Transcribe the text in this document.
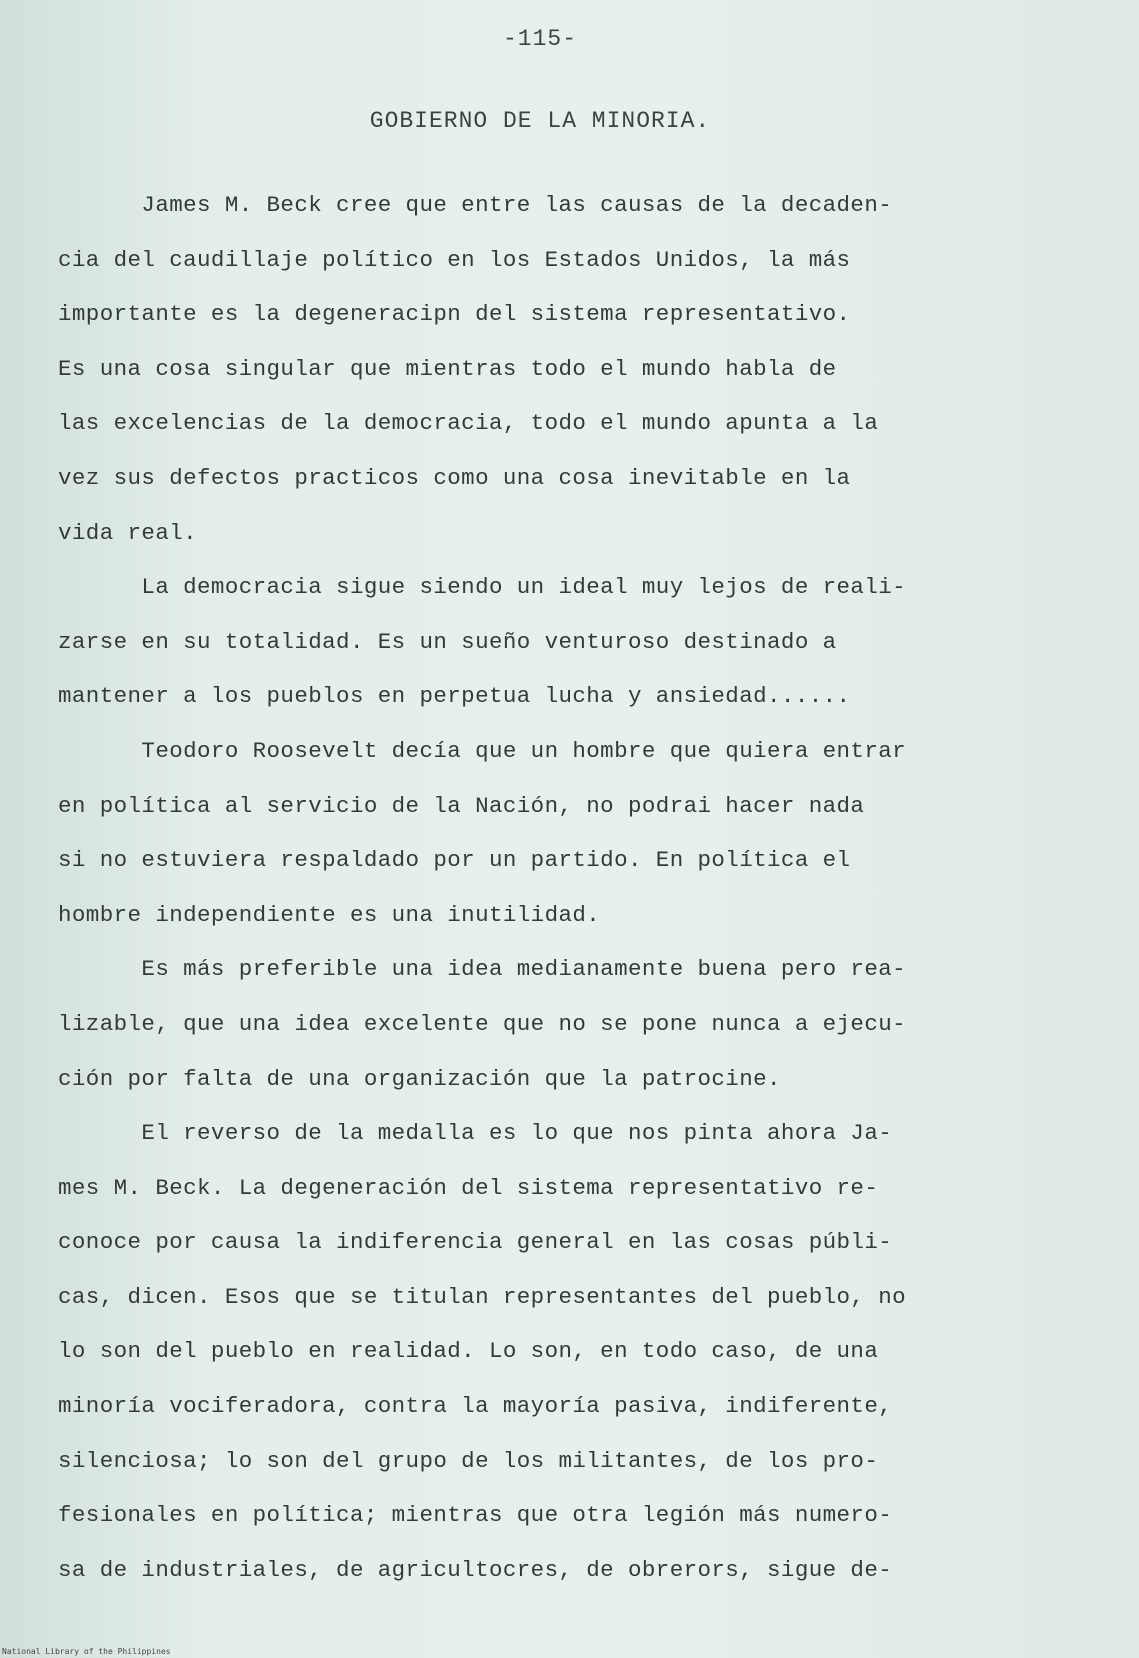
-115-
GOBIERNO DE LA MINORIA.
James M. Beck cree que entre las causas de la decaden-
cia del caudillaje político en los Estados Unidos, la más
importante es la degeneracipn del sistema representativo.
Es una cosa singular que mientras todo el mundo habla de
las excelencias de la democracia, todo el mundo apunta a la
vez sus defectos practicos como una cosa inevitable en la
vida real.
La democracia sigue siendo un ideal muy lejos de reali-
zarse en su totalidad. Es un sueño venturoso destinado a
mantener a los pueblos en perpetua lucha y ansiedad......
Teodoro Roosevelt decía que un hombre que quiera entrar
en política al servicio de la Nación, no podrai hacer nada
si no estuviera respaldado por un partido. En política el
hombre independiente es una inutilidad.
Es más preferible una idea medianamente buena pero rea-
lizable, que una idea excelente que no se pone nunca a ejecu-
ción por falta de una organización que la patrocine.
El reverso de la medalla es lo que nos pinta ahora Ja-
mes M. Beck. La degeneración del sistema representativo re-
conoce por causa la indiferencia general en las cosas públi-
cas, dicen. Esos que se titulan representantes del pueblo, no
lo son del pueblo en realidad. Lo son, en todo caso, de una
minoría vociferadora, contra la mayoría pasiva, indiferente,
silenciosa; lo son del grupo de los militantes, de los pro-
fesionales en política; mientras que otra legión más numero-
sa de industriales, de agricultocres, de obrerors, sigue de-
National Library of the Philippines
